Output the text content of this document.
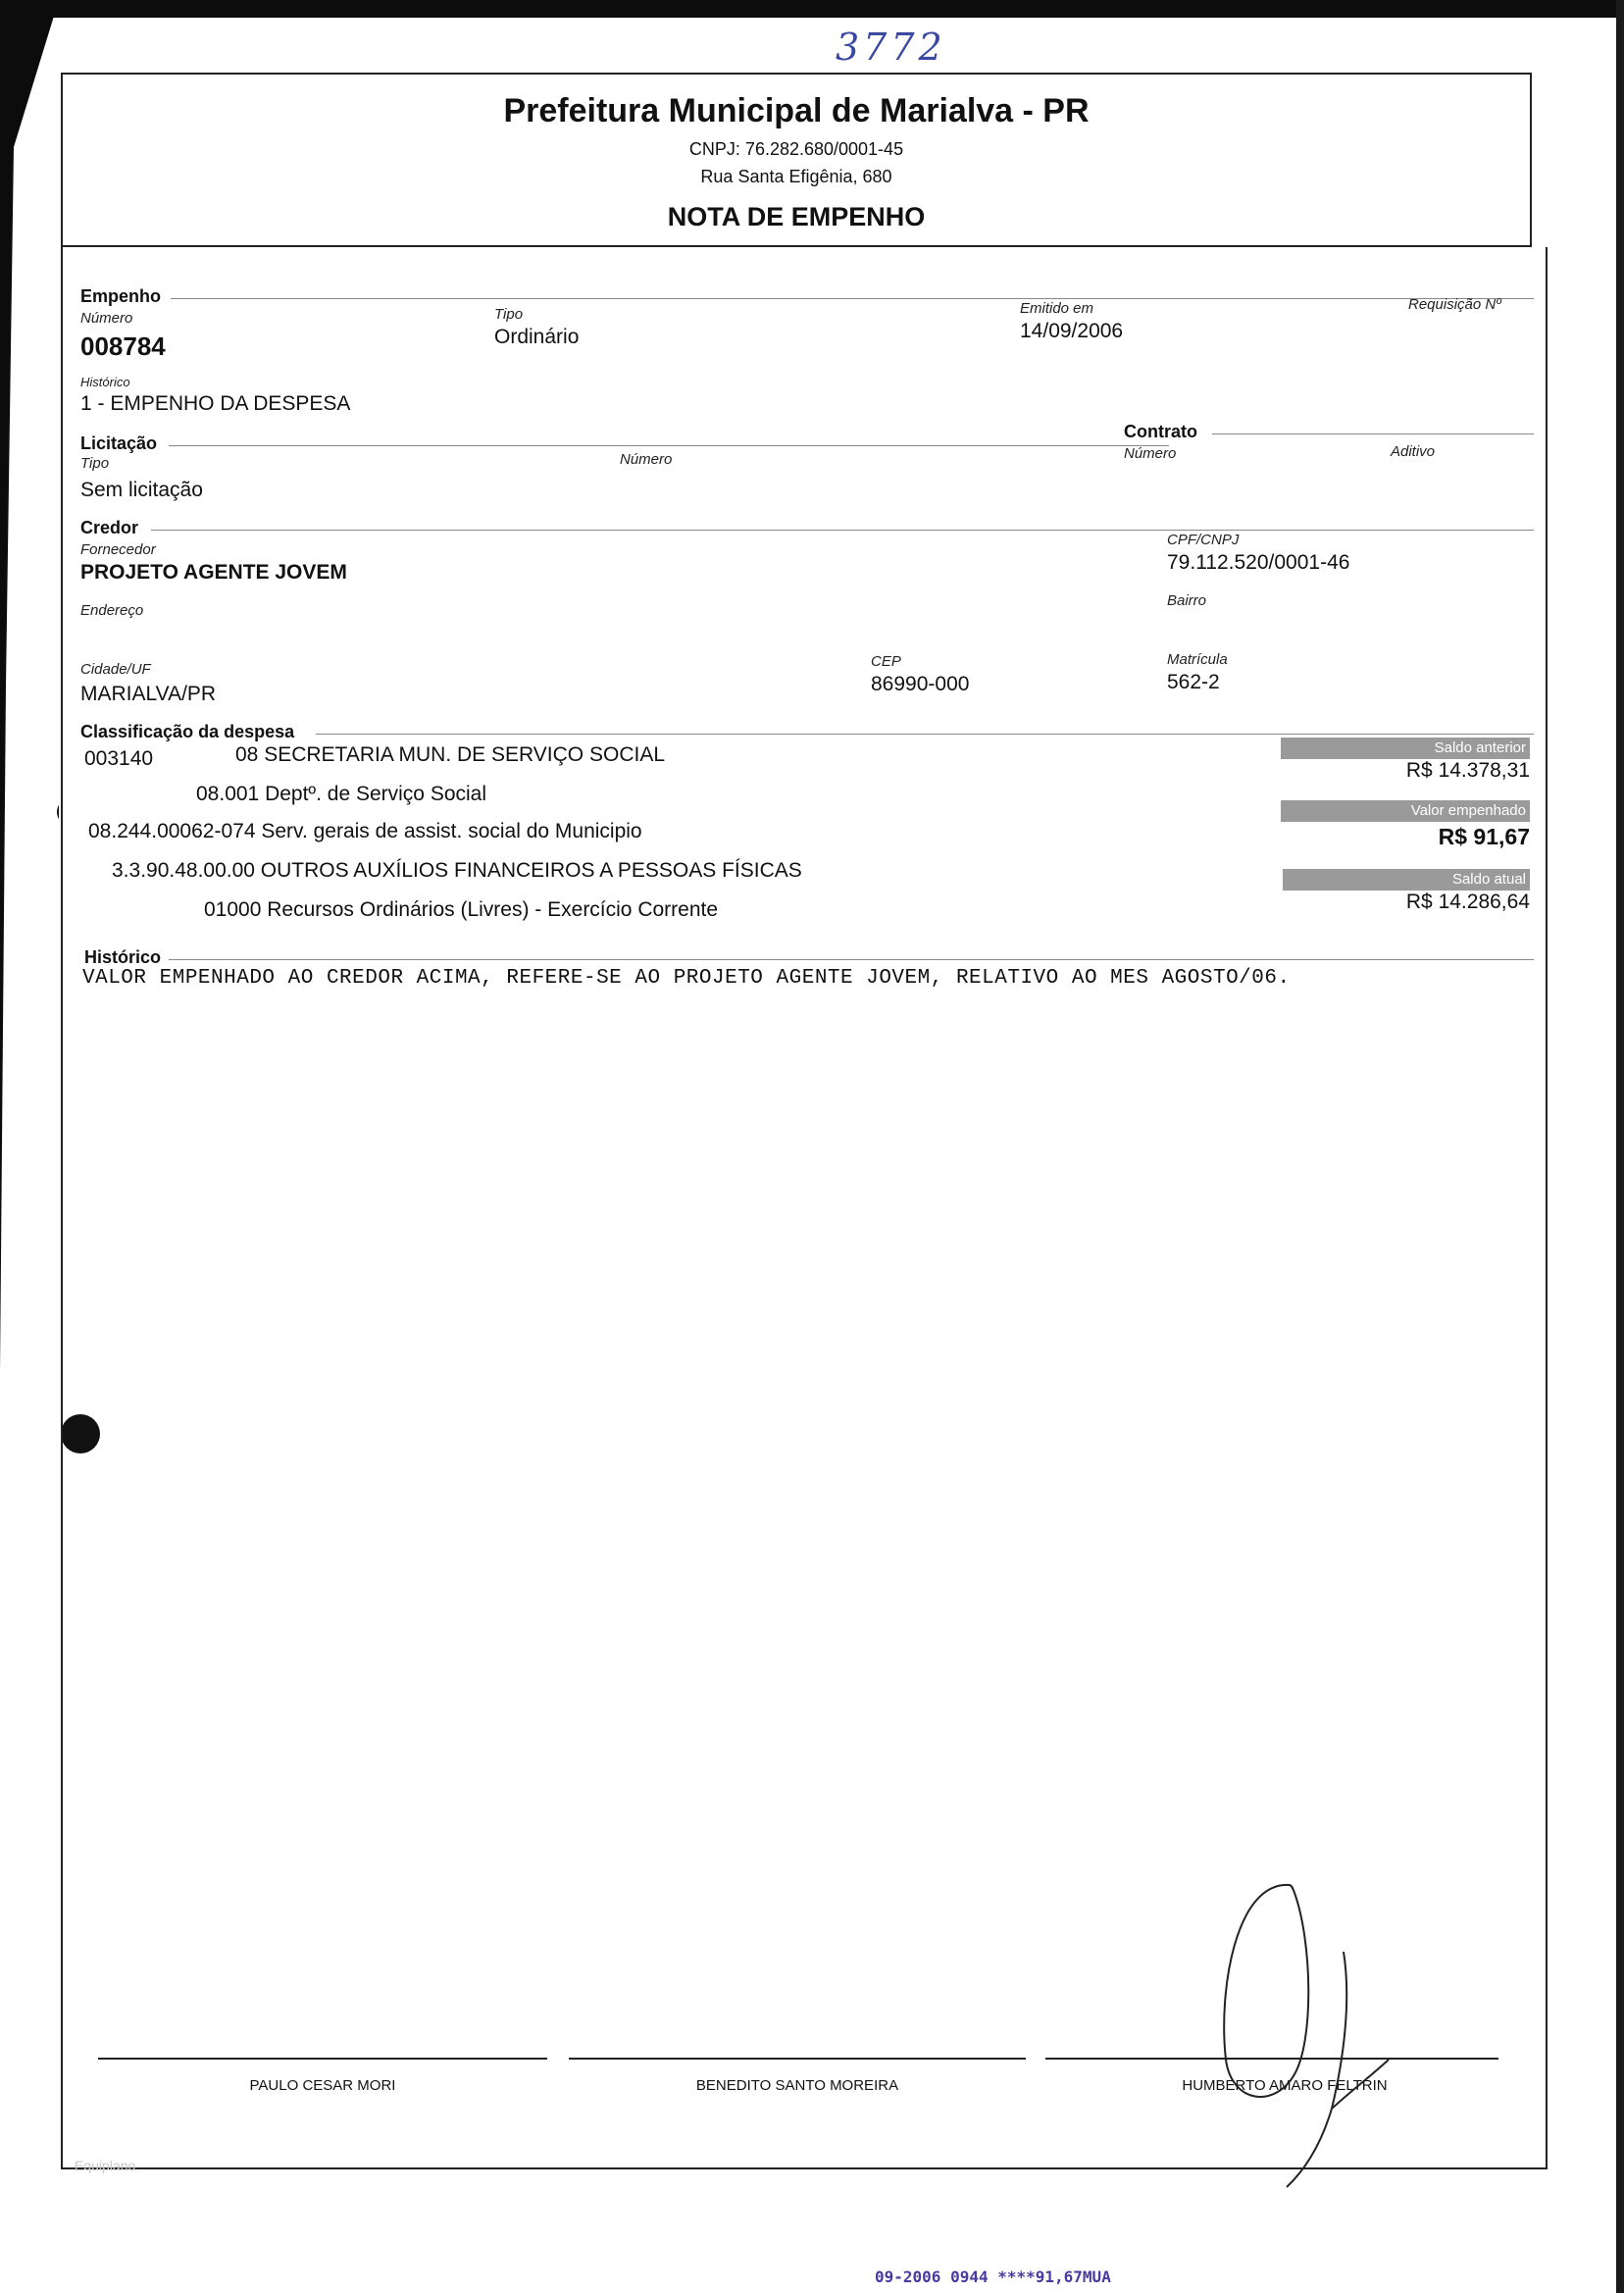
3772
Prefeitura Municipal de Marialva - PR
CNPJ: 76.282.680/0001-45
Rua Santa Efigênia, 680
NOTA DE EMPENHO
Empenho
Número
008784
Tipo
Ordinário
Emitido em
14/09/2006
Requisição Nº
Histórico
1 - EMPENHO DA DESPESA
Licitação
Contrato
Tipo
Sem licitação
Número	Número	Aditivo
Credor
Fornecedor
PROJETO AGENTE JOVEM
CPF/CNPJ
79.112.520/0001-46
Endereço
Bairro
Cidade/UF
MARIALVA/PR
CEP
86990-000
Matrícula
562-2
Classificação da despesa
003140	08 SECRETARIA MUN. DE SERVIÇO SOCIAL
08.001 Deptº. de Serviço Social
08.244.00062-074 Serv. gerais de assist. social do Municipio
3.3.90.48.00.00 OUTROS AUXÍLIOS FINANCEIROS A PESSOAS FÍSICAS
01000 Recursos Ordinários (Livres) - Exercício Corrente
Saldo anterior
R$ 14.378,31
Valor empenhado
R$ 91,67
Saldo atual
R$ 14.286,64
Histórico
VALOR EMPENHADO AO CREDOR ACIMA, REFERE-SE AO PROJETO AGENTE JOVEM, RELATIVO AO MES AGOSTO/06.
PAULO CESAR MORI	BENEDITO SANTO MOREIRA	HUMBERTO AMARO FELTRIN
Equiplano
09-2006 0944 ****91,67MUA
